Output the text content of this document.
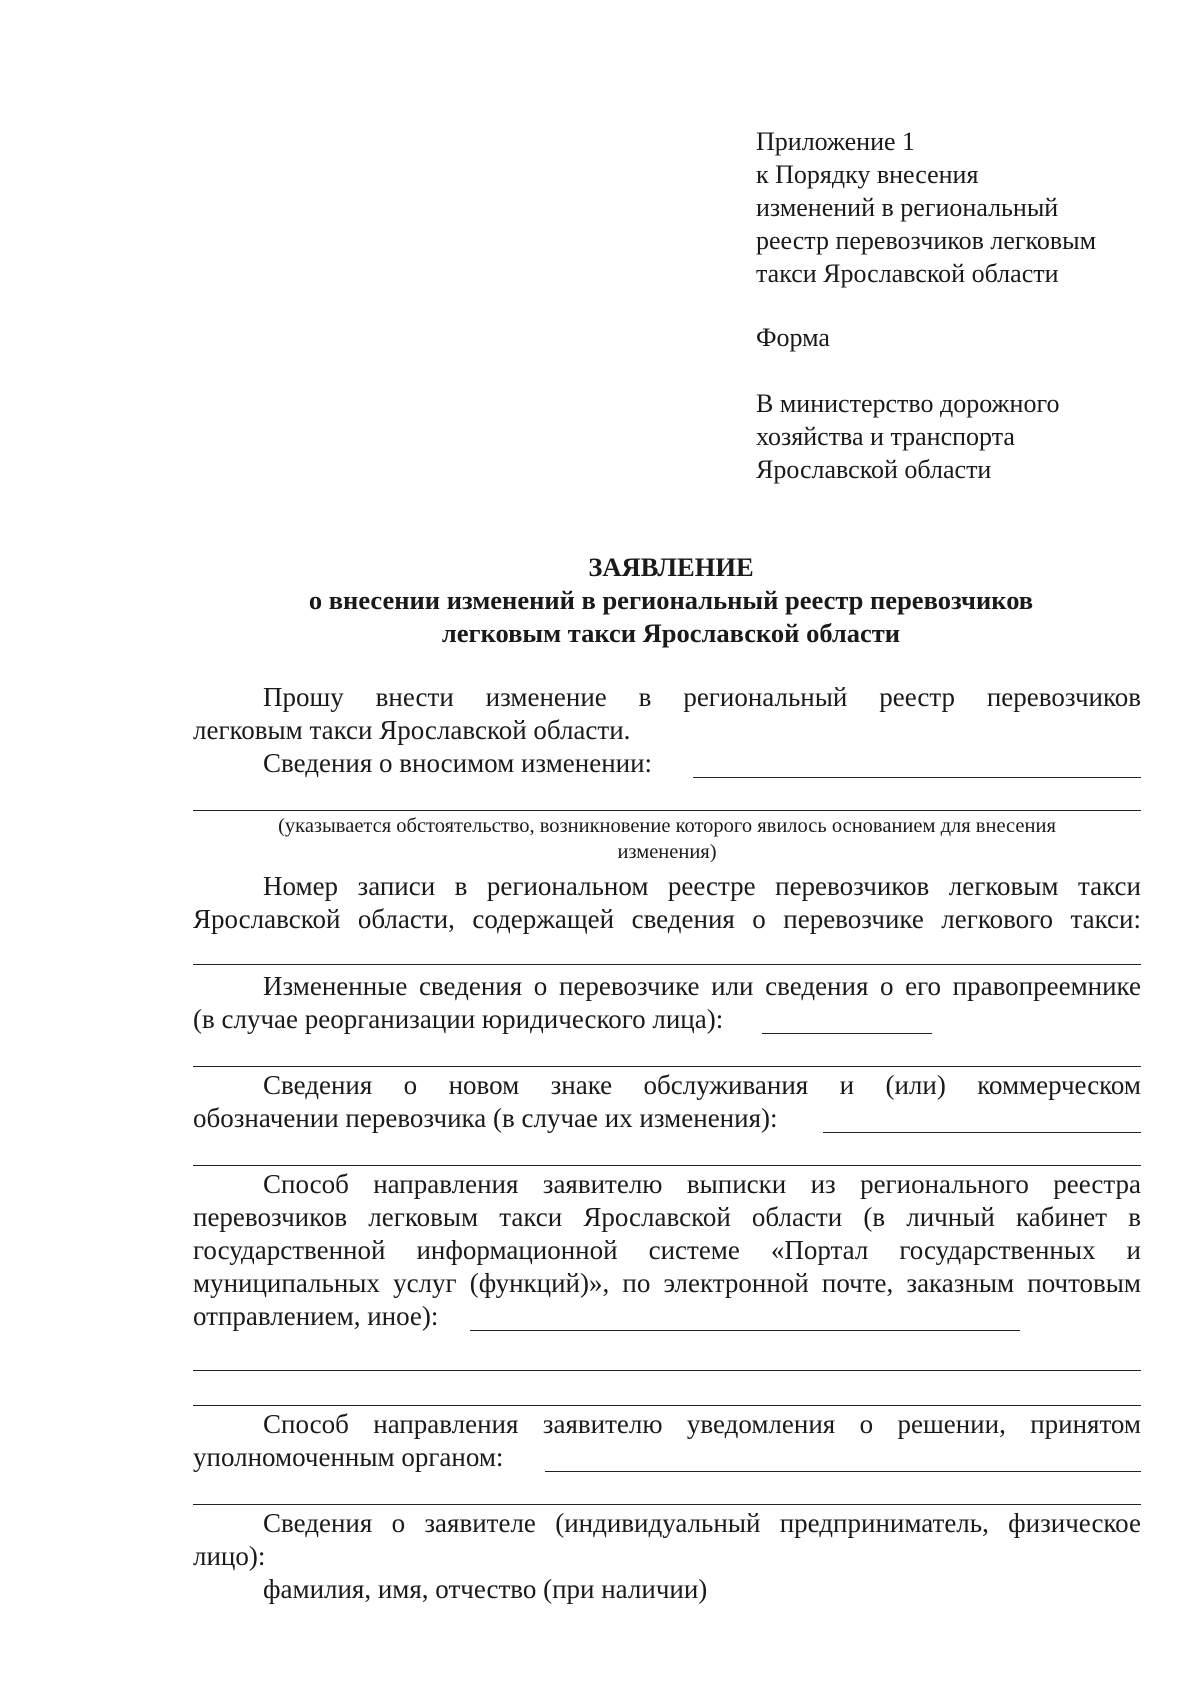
Приложение 1
к Порядку внесения
изменений в региональный
реестр перевозчиков легковым
такси Ярославской области
Форма
В министерство дорожного
хозяйства и транспорта
Ярославской области
ЗАЯВЛЕНИЕ
о внесении изменений в региональный реестр перевозчиков
легковым такси Ярославской области
Прошу внести изменение в региональный реестр перевозчиков
легковым такси Ярославской области.
Сведения о вносимом изменении:
(указывается обстоятельство, возникновение которого явилось основанием для внесения
изменения)
Номер записи в региональном реестре перевозчиков легковым такси
Ярославской области, содержащей сведения о перевозчике легкового такси:
Измененные сведения о перевозчике или сведения о его правопреемнике
(в случае реорганизации юридического лица):
Сведения о новом знаке обслуживания и (или) коммерческом
обозначении перевозчика (в случае их изменения):
Способ направления заявителю выписки из регионального реестра
перевозчиков легковым такси Ярославской области (в личный кабинет в
государственной информационной системе «Портал государственных и
муниципальных услуг (функций)», по электронной почте, заказным почтовым
отправлением, иное):
Способ направления заявителю уведомления о решении, принятом
уполномоченным органом:
Сведения о заявителе (индивидуальный предприниматель, физическое
лицо):
фамилия, имя, отчество (при наличии)
